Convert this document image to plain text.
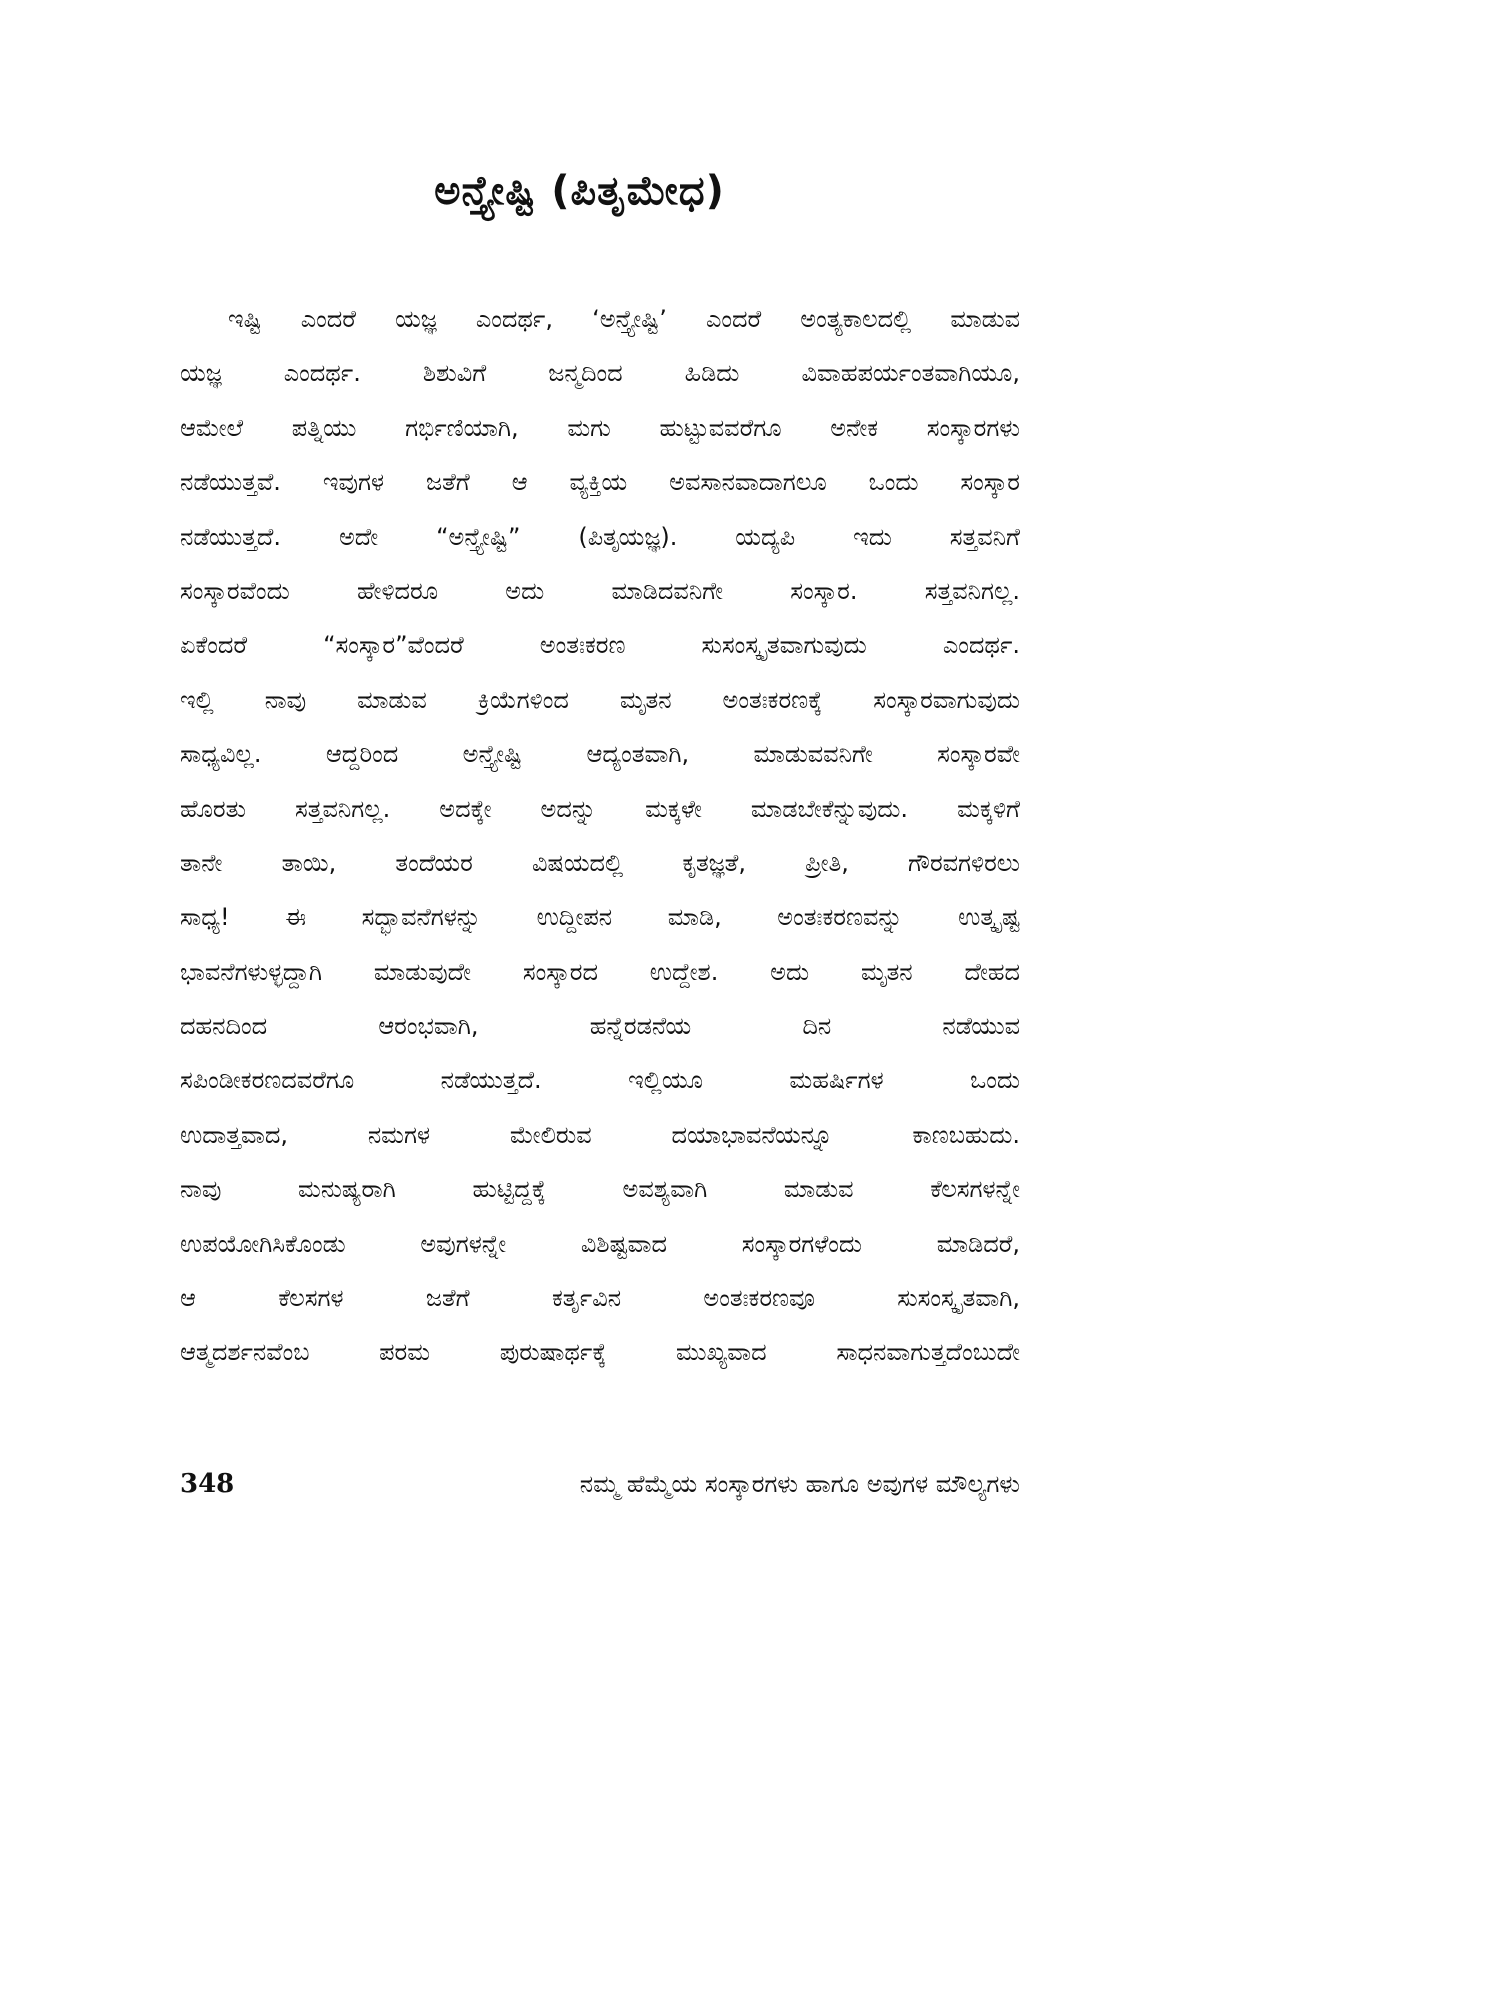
ಅನ್ತ್ಯೇಷ್ಟಿ (ಪಿತೃಮೇಧ)
ಇಷ್ಟಿ ಎಂದರೆ ಯಜ್ಞ ಎಂದರ್ಥ, ‘ಅನ್ತ್ಯೇಷ್ಟಿ’ ಎಂದರೆ ಅಂತ್ಯಕಾಲದಲ್ಲಿ ಮಾಡುವ
ಯಜ್ಞ ಎಂದರ್ಥ. ಶಿಶುವಿಗೆ ಜನ್ಮದಿಂದ ಹಿಡಿದು ವಿವಾಹಪರ್ಯಂತವಾಗಿಯೂ,
ಆಮೇಲೆ ಪತ್ನಿಯು ಗರ್ಭಿಣಿಯಾಗಿ, ಮಗು ಹುಟ್ಟುವವರೆಗೂ ಅನೇಕ ಸಂಸ್ಕಾರಗಳು
ನಡೆಯುತ್ತವೆ. ಇವುಗಳ ಜತೆಗೆ ಆ ವ್ಯಕ್ತಿಯ ಅವಸಾನವಾದಾಗಲೂ ಒಂದು ಸಂಸ್ಕಾರ
ನಡೆಯುತ್ತದೆ. ಅದೇ “ಅನ್ತ್ಯೇಷ್ಟಿ” (ಪಿತೃಯಜ್ಞ). ಯದ್ಯಪಿ ಇದು ಸತ್ತವನಿಗೆ
ಸಂಸ್ಕಾರವೆಂದು ಹೇಳಿದರೂ ಅದು ಮಾಡಿದವನಿಗೇ ಸಂಸ್ಕಾರ. ಸತ್ತವನಿಗಲ್ಲ.
ಏಕೆಂದರೆ “ಸಂಸ್ಕಾರ”ವೆಂದರೆ ಅಂತಃಕರಣ ಸುಸಂಸ್ಕೃತವಾಗುವುದು ಎಂದರ್ಥ.
ಇಲ್ಲಿ ನಾವು ಮಾಡುವ ಕ್ರಿಯೆಗಳಿಂದ ಮೃತನ ಅಂತಃಕರಣಕ್ಕೆ ಸಂಸ್ಕಾರವಾಗುವುದು
ಸಾಧ್ಯವಿಲ್ಲ. ಆದ್ದರಿಂದ ಅನ್ತ್ಯೇಷ್ಟಿ ಆದ್ಯಂತವಾಗಿ, ಮಾಡುವವನಿಗೇ ಸಂಸ್ಕಾರವೇ
ಹೊರತು ಸತ್ತವನಿಗಲ್ಲ. ಅದಕ್ಕೇ ಅದನ್ನು ಮಕ್ಕಳೇ ಮಾಡಬೇಕೆನ್ನುವುದು. ಮಕ್ಕಳಿಗೆ
ತಾನೇ ತಾಯಿ, ತಂದೆಯರ ವಿಷಯದಲ್ಲಿ ಕೃತಜ್ಞತೆ, ಪ್ರೀತಿ, ಗೌರವಗಳಿರಲು
ಸಾಧ್ಯ! ಈ ಸದ್ಭಾವನೆಗಳನ್ನು ಉದ್ದೀಪನ ಮಾಡಿ, ಅಂತಃಕರಣವನ್ನು ಉತ್ಕೃಷ್ಟ
ಭಾವನೆಗಳುಳ್ಳದ್ದಾಗಿ ಮಾಡುವುದೇ ಸಂಸ್ಕಾರದ ಉದ್ದೇಶ. ಅದು ಮೃತನ ದೇಹದ
ದಹನದಿಂದ ಆರಂಭವಾಗಿ, ಹನ್ನೆರಡನೆಯ ದಿನ ನಡೆಯುವ
ಸಪಿಂಡೀಕರಣದವರೆಗೂ ನಡೆಯುತ್ತದೆ. ಇಲ್ಲಿಯೂ ಮಹರ್ಷಿಗಳ ಒಂದು
ಉದಾತ್ತವಾದ, ನಮಗಳ ಮೇಲಿರುವ ದಯಾಭಾವನೆಯನ್ನೂ ಕಾಣಬಹುದು.
ನಾವು ಮನುಷ್ಯರಾಗಿ ಹುಟ್ಟಿದ್ದಕ್ಕೆ ಅವಶ್ಯವಾಗಿ ಮಾಡುವ ಕೆಲಸಗಳನ್ನೇ
ಉಪಯೋಗಿಸಿಕೊಂಡು ಅವುಗಳನ್ನೇ ವಿಶಿಷ್ಟವಾದ ಸಂಸ್ಕಾರಗಳೆಂದು ಮಾಡಿದರೆ,
ಆ ಕೆಲಸಗಳ ಜತೆಗೆ ಕರ್ತೃವಿನ ಅಂತಃಕರಣವೂ ಸುಸಂಸ್ಕೃತವಾಗಿ,
ಆತ್ಮದರ್ಶನವೆಂಬ ಪರಮ ಪುರುಷಾರ್ಥಕ್ಕೆ ಮುಖ್ಯವಾದ ಸಾಧನವಾಗುತ್ತದೆಂಬುದೇ
348	ನಮ್ಮ ಹೆಮ್ಮೆಯ ಸಂಸ್ಕಾರಗಳು ಹಾಗೂ ಅವುಗಳ ಮೌಲ್ಯಗಳು
